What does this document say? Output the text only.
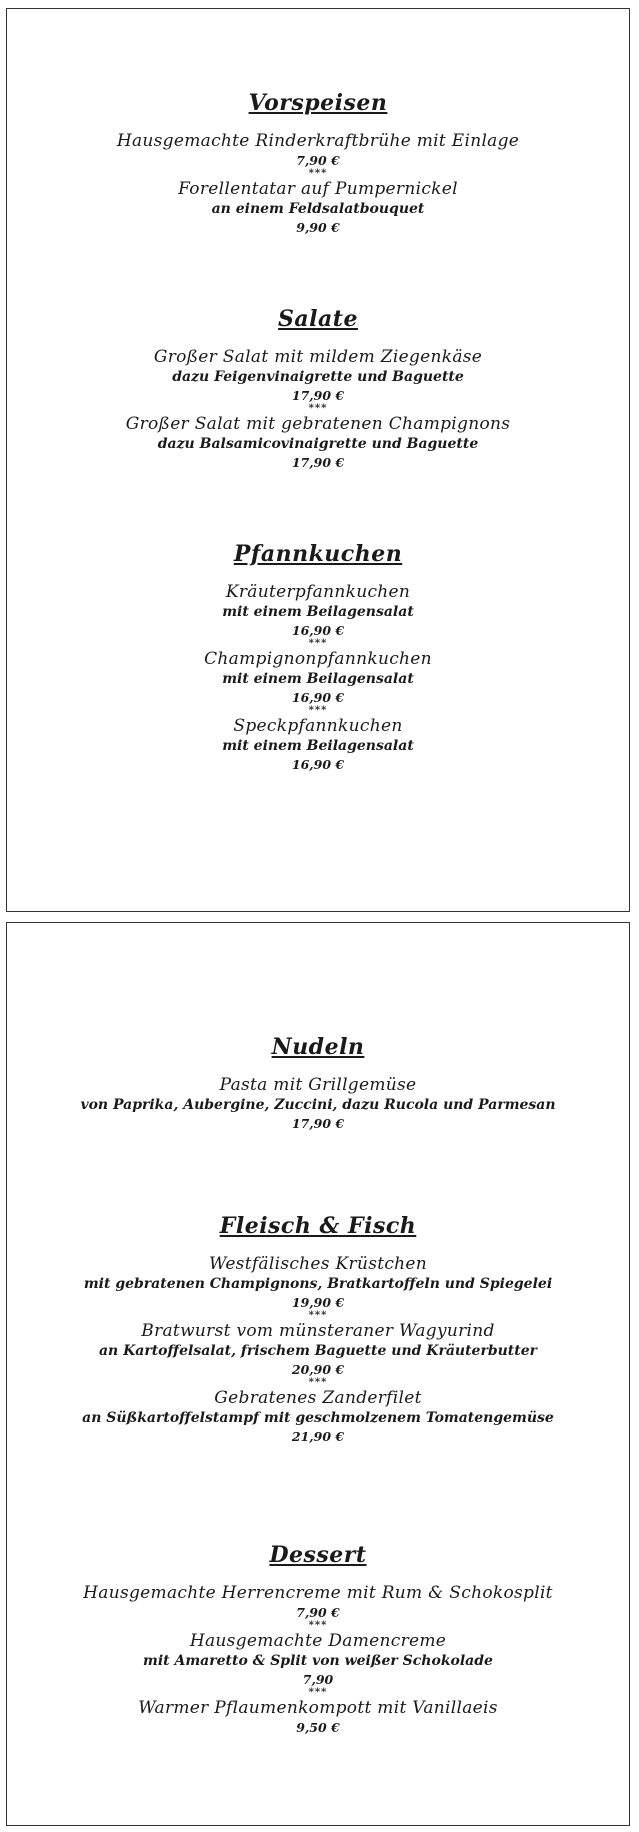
Vorspeisen
Hausgemachte Rinderkraftbrühe mit Einlage
7,90 €
***
Forellentatar auf Pumpernickel
an einem Feldsalatbouquet
9,90 €
Salate
Großer Salat mit mildem Ziegenkäse
dazu Feigenvinaigrette und Baguette
17,90 €
***
Großer Salat mit gebratenen Champignons
dazu Balsamicovinaigrette und Baguette
17,90 €
Pfannkuchen
Kräuterpfannkuchen
mit einem Beilagensalat
16,90 €
***
Champignonpfannkuchen
mit einem Beilagensalat
16,90 €
***
Speckpfannkuchen
mit einem Beilagensalat
16,90 €
Nudeln
Pasta mit Grillgemüse
von Paprika, Aubergine, Zuccini, dazu Rucola und Parmesan
17,90 €
Fleisch & Fisch
Westfälisches Krüstchen
mit gebratenen Champignons, Bratkartoffeln und Spiegelei
19,90 €
***
Bratwurst vom münsteraner Wagyurind
an Kartoffelsalat, frischem Baguette und Kräuterbutter
20,90 €
***
Gebratenes Zanderfilet
an Süßkartoffelstampf mit geschmolzenem Tomatengemüse
21,90 €
Dessert
Hausgemachte Herrencreme mit Rum & Schokosplit
7,90 €
***
Hausgemachte Damencreme
mit Amaretto & Split von weißer Schokolade
7,90
***
Warmer Pflaumenkompott mit Vanillaeis
9,50 €
